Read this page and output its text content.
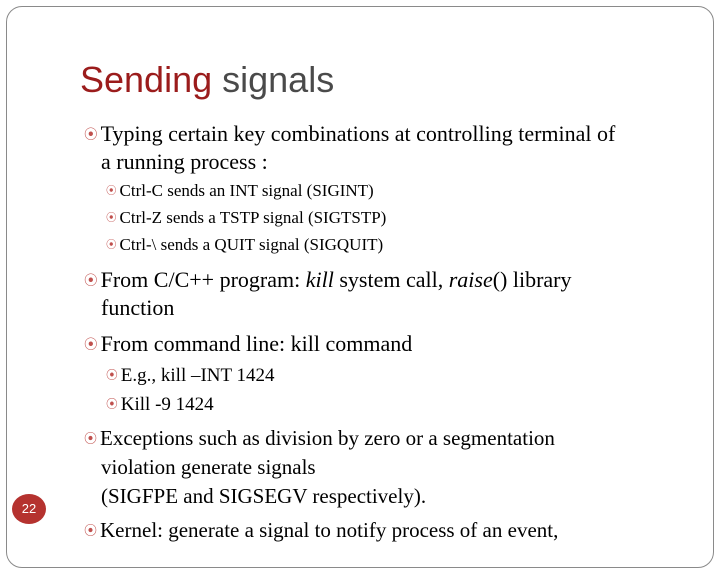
Sending signals
⦿ Typing certain key combinations at controlling terminal of
a running process :
⦿ Ctrl-C sends an INT signal (SIGINT)
⦿ Ctrl-Z sends a TSTP signal (SIGTSTP)
⦿ Ctrl-\ sends a QUIT signal (SIGQUIT)
⦿ From C/C++ program: kill system call, raise() library
function
⦿ From command line: kill command
⦿ E.g., kill –INT 1424
⦿ Kill -9 1424
⦿ Exceptions such as division by zero or a segmentation
violation generate signals
(SIGFPE and SIGSEGV respectively).
⦿ Kernel: generate a signal to notify process of an event,
22
